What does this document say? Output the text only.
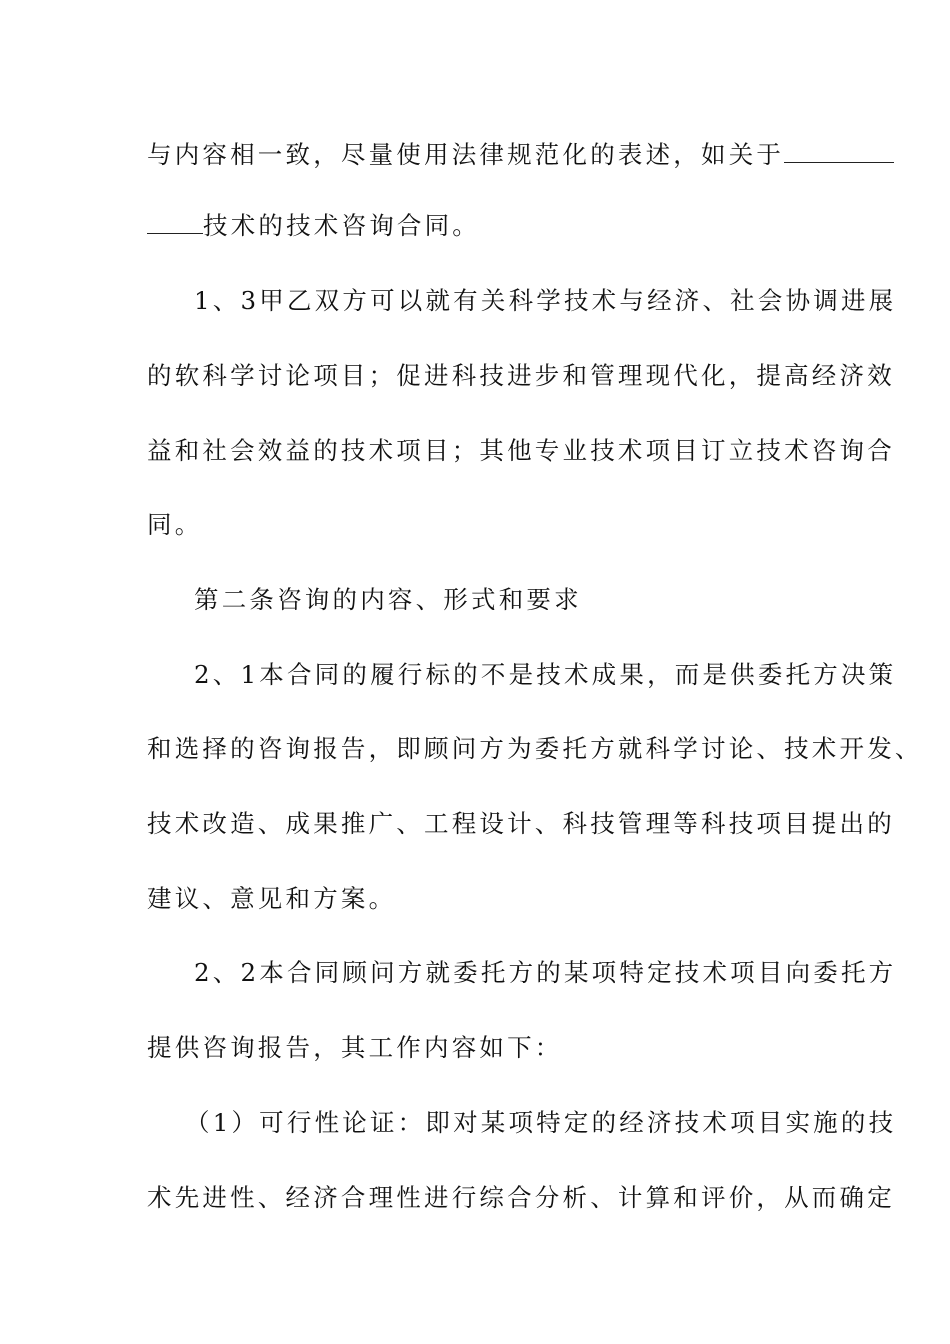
与内容相一致，尽量使用法律规范化的表述，如关于
技术的技术咨询合同。
1、3甲乙双方可以就有关科学技术与经济、社会协调进展
的软科学讨论项目；促进科技进步和管理现代化，提高经济效
益和社会效益的技术项目；其他专业技术项目订立技术咨询合
同。
第二条咨询的内容、形式和要求
2、1本合同的履行标的不是技术成果，而是供委托方决策
和选择的咨询报告，即顾问方为委托方就科学讨论、技术开发、
技术改造、成果推广、工程设计、科技管理等科技项目提出的
建议、意见和方案。
2、2本合同顾问方就委托方的某项特定技术项目向委托方
提供咨询报告，其工作内容如下：
（1）可行性论证：即对某项特定的经济技术项目实施的技
术先进性、经济合理性进行综合分析、计算和评价，从而确定
